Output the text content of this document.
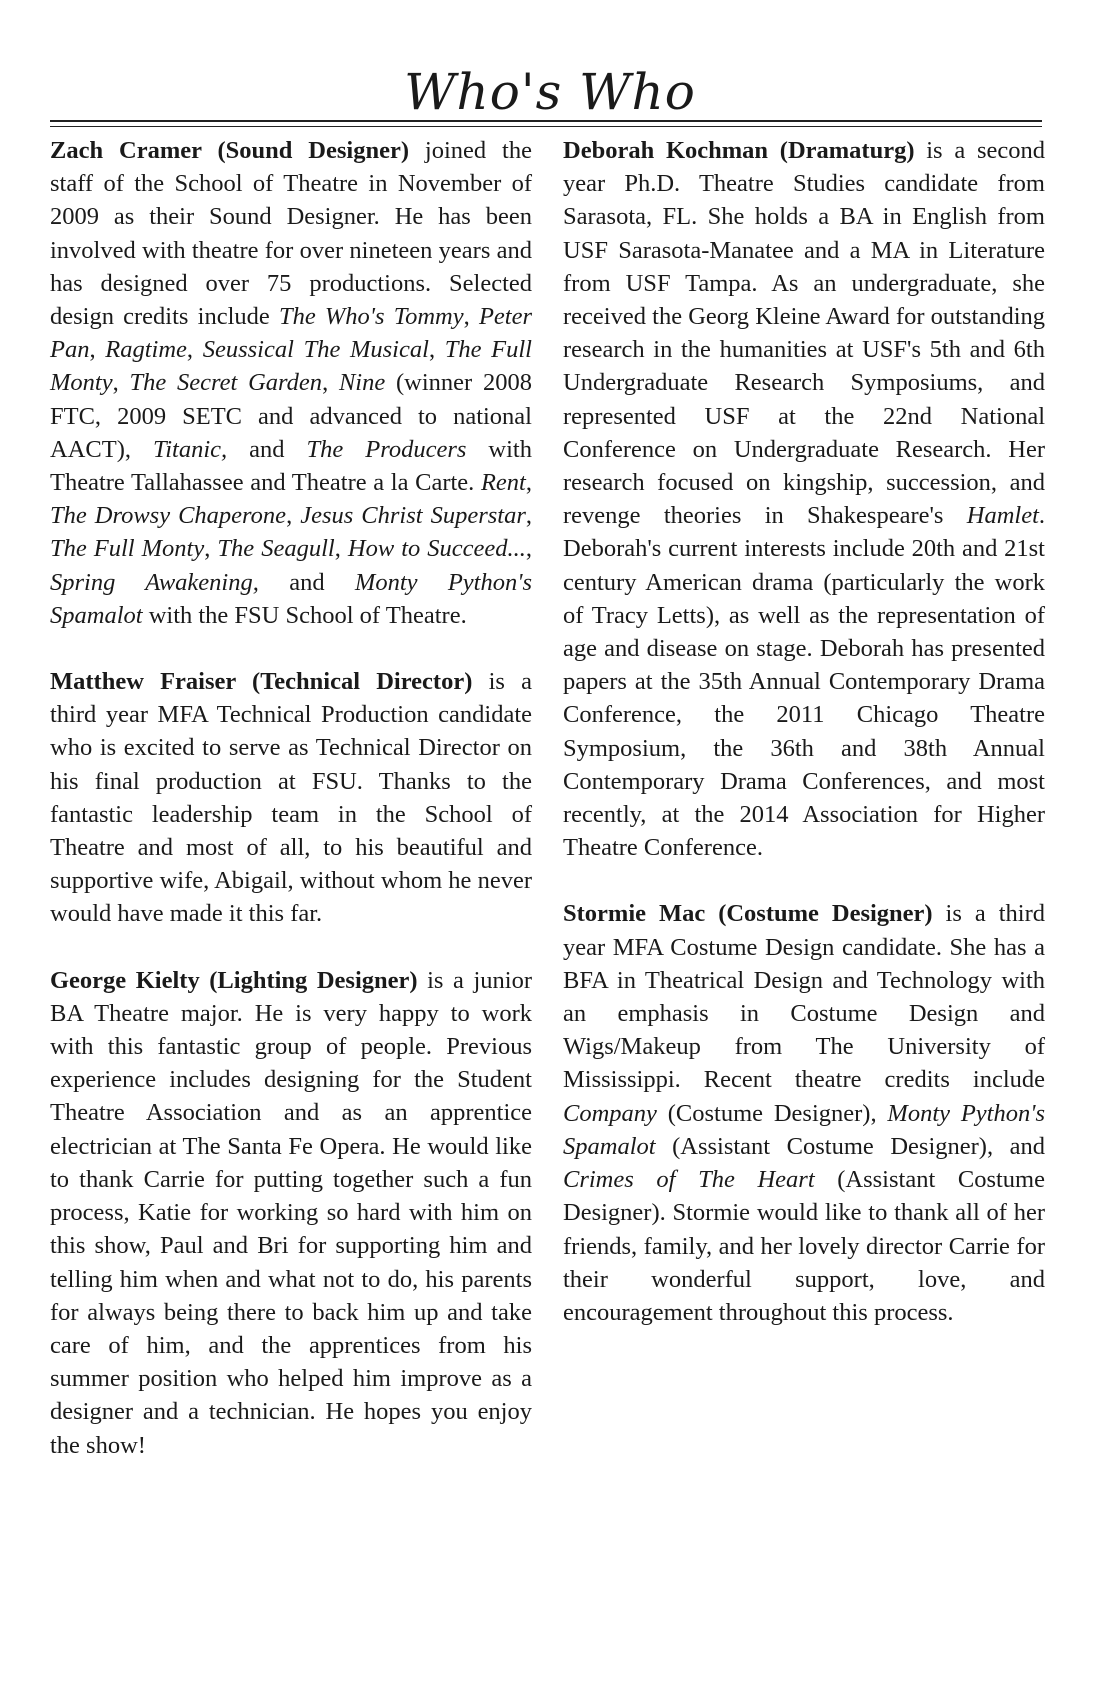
Who's Who

Zach Cramer (Sound Designer) joined the staff of the School of Theatre in November of 2009 as their Sound Designer. He has been involved with theatre for over nineteen years and has designed over 75 productions. Selected design credits include The Who's Tommy, Peter Pan, Ragtime, Seussical The Musical, The Full Monty, The Secret Garden, Nine (winner 2008 FTC, 2009 SETC and advanced to national AACT), Titanic, and The Producers with Theatre Tallahassee and Theatre a la Carte. Rent, The Drowsy Chaperone, Jesus Christ Superstar, The Full Monty, The Seagull, How to Succeed..., Spring Awakening, and Monty Python's Spamalot with the FSU School of Theatre.

Matthew Fraiser (Technical Director) is a third year MFA Technical Production candidate who is excited to serve as Technical Director on his final production at FSU. Thanks to the fantastic leadership team in the School of Theatre and most of all, to his beautiful and supportive wife, Abigail, without whom he never would have made it this far.

George Kielty (Lighting Designer) is a junior BA Theatre major. He is very happy to work with this fantastic group of people. Previous experience includes designing for the Student Theatre Association and as an apprentice electrician at The Santa Fe Opera. He would like to thank Carrie for putting together such a fun process, Katie for working so hard with him on this show, Paul and Bri for supporting him and telling him when and what not to do, his parents for always being there to back him up and take care of him, and the apprentices from his summer position who helped him improve as a designer and a technician. He hopes you enjoy the show!

Deborah Kochman (Dramaturg) is a second year Ph.D. Theatre Studies candidate from Sarasota, FL. She holds a BA in English from USF Sarasota-Manatee and a MA in Literature from USF Tampa. As an undergraduate, she received the Georg Kleine Award for outstanding research in the humanities at USF's 5th and 6th Undergraduate Research Symposiums, and represented USF at the 22nd National Conference on Undergraduate Research. Her research focused on kingship, succession, and revenge theories in Shakespeare's Hamlet. Deborah's current interests include 20th and 21st century American drama (particularly the work of Tracy Letts), as well as the representation of age and disease on stage. Deborah has presented papers at the 35th Annual Contemporary Drama Conference, the 2011 Chicago Theatre Symposium, the 36th and 38th Annual Contemporary Drama Conferences, and most recently, at the 2014 Association for Higher Theatre Conference.

Stormie Mac (Costume Designer) is a third year MFA Costume Design candidate. She has a BFA in Theatrical Design and Technology with an emphasis in Costume Design and Wigs/Makeup from The University of Mississippi. Recent theatre credits include Company (Costume Designer), Monty Python's Spamalot (Assistant Costume Designer), and Crimes of The Heart (Assistant Costume Designer). Stormie would like to thank all of her friends, family, and her lovely director Carrie for their wonderful support, love, and encouragement throughout this process.
